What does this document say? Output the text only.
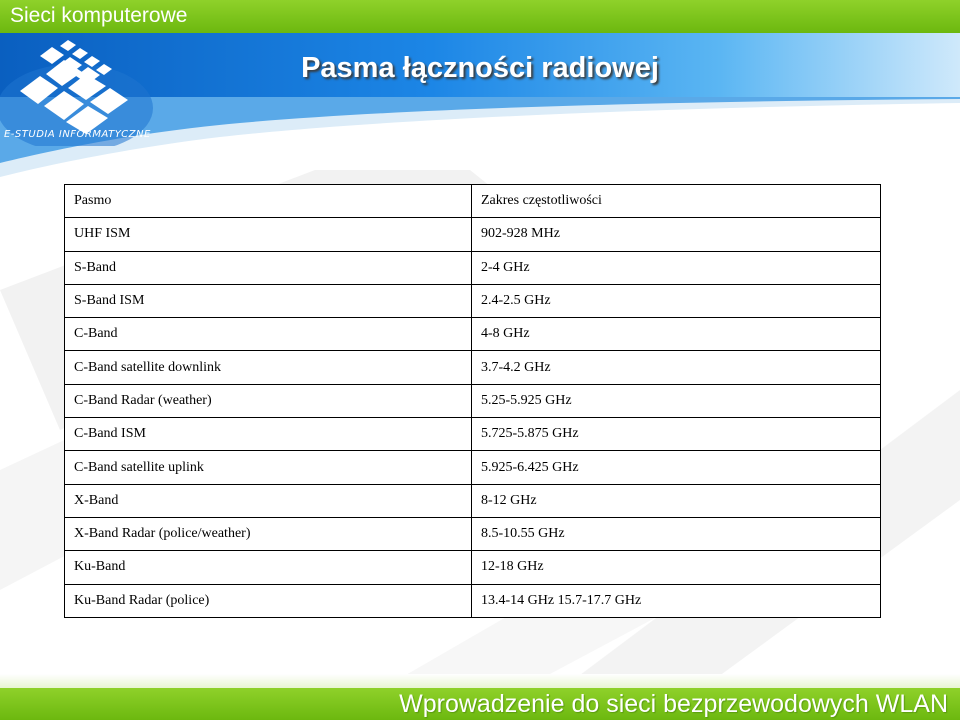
Sieci komputerowe
Pasma łączności radiowej
E-STUDIA INFORMATYCZNE
Pasmo	Zakres częstotliwości
UHF ISM	902-928 MHz
S-Band	2-4 GHz
S-Band ISM	2.4-2.5 GHz
C-Band	4-8 GHz
C-Band satellite downlink	3.7-4.2 GHz
C-Band Radar (weather)	5.25-5.925 GHz
C-Band ISM	5.725-5.875 GHz
C-Band satellite uplink	5.925-6.425 GHz
X-Band	8-12 GHz
X-Band Radar (police/weather)	8.5-10.55 GHz
Ku-Band	12-18 GHz
Ku-Band Radar (police)	13.4-14 GHz 15.7-17.7 GHz
Wprowadzenie do sieci bezprzewodowych WLAN
